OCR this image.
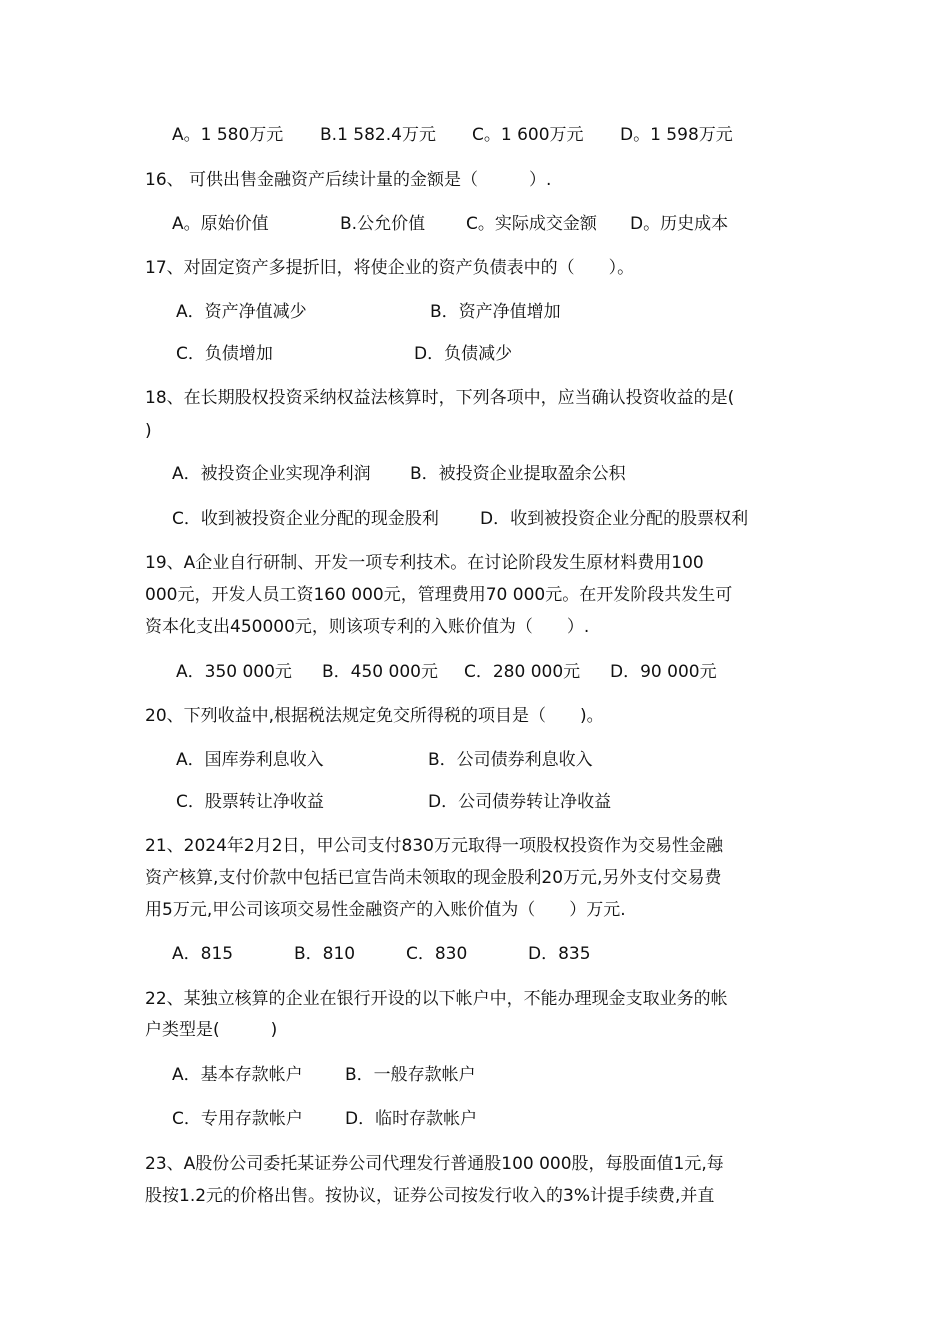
A。1 580万元 B.1 582.4万元 C。1 600万元 D。1 598万元
16、 可供出售金融资产后续计量的金额是（　　　）.
A。原始价值	B.公允价值 C。实际成交金额 D。历史成本
17、对固定资产多提折旧，将使企业的资产负债表中的（　　）。
A．资产净值减少	B．资产净值增加
C．负债增加	D．负债减少
18、在长期股权投资采纳权益法核算时，下列各项中，应当确认投资收益的是(
)
A．被投资企业实现净利润 B．被投资企业提取盈余公积
C．收到被投资企业分配的现金股利 D．收到被投资企业分配的股票权利
19、A企业自行研制、开发一项专利技术。在讨论阶段发生原材料费用100
000元，开发人员工资160 000元，管理费用70 000元。在开发阶段共发生可
资本化支出450000元，则该项专利的入账价值为（　　）.
A．350 000元 B．450 000元 C．280 000元 D．90 000元
20、下列收益中,根据税法规定免交所得税的项目是（　　)。
A．国库券利息收入	B．公司债券利息收入
C．股票转让净收益	D．公司债券转让净收益
21、2024年2月2日，甲公司支付830万元取得一项股权投资作为交易性金融
资产核算,支付价款中包括已宣告尚未领取的现金股利20万元,另外支付交易费
用5万元,甲公司该项交易性金融资产的入账价值为（　　）万元.
A．815	B．810	C．830	D．835
22、某独立核算的企业在银行开设的以下帐户中，不能办理现金支取业务的帐
户类型是(　　　)
A．基本存款帐户 B．一般存款帐户
C．专用存款帐户 D．临时存款帐户
23、A股份公司委托某证券公司代理发行普通股100 000股，每股面值1元,每
股按1.2元的价格出售。按协议，证券公司按发行收入的3%计提手续费,并直
